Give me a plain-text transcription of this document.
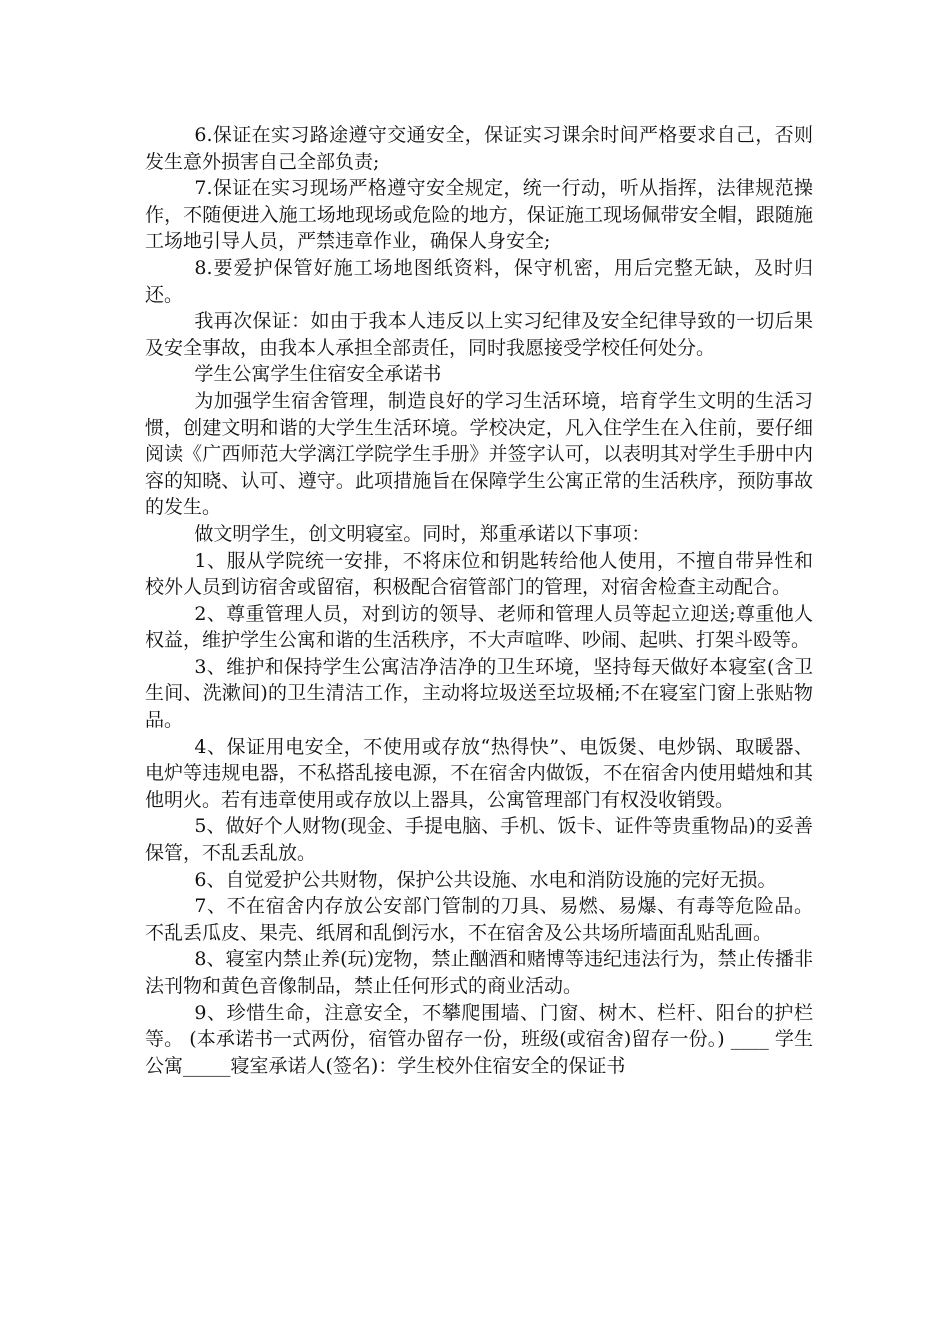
6.保证在实习路途遵守交通安全，保证实习课余时间严格要求自己，否则发生意外损害自己全部负责;

7.保证在实习现场严格遵守安全规定，统一行动，听从指挥，法律规范操作，不随便进入施工场地现场或危险的地方，保证施工现场佩带安全帽，跟随施工场地引导人员，严禁违章作业，确保人身安全;

8.要爱护保管好施工场地图纸资料，保守机密，用后完整无缺，及时归还。

我再次保证：如由于我本人违反以上实习纪律及安全纪律导致的一切后果及安全事故，由我本人承担全部责任，同时我愿接受学校任何处分。

学生公寓学生住宿安全承诺书

为加强学生宿舍管理，制造良好的学习生活环境，培育学生文明的生活习惯，创建文明和谐的大学生生活环境。学校决定，凡入住学生在入住前，要仔细阅读《广西师范大学漓江学院学生手册》并签字认可，以表明其对学生手册中内容的知晓、认可、遵守。此项措施旨在保障学生公寓正常的生活秩序，预防事故的发生。

做文明学生，创文明寝室。同时，郑重承诺以下事项：

1、服从学院统一安排，不将床位和钥匙转给他人使用，不擅自带异性和校外人员到访宿舍或留宿，积极配合宿管部门的管理，对宿舍检查主动配合。

2、尊重管理人员，对到访的领导、老师和管理人员等起立迎送;尊重他人权益，维护学生公寓和谐的生活秩序，不大声喧哗、吵闹、起哄、打架斗殴等。

3、维护和保持学生公寓洁净洁净的卫生环境，坚持每天做好本寝室(含卫生间、洗漱间)的卫生清洁工作，主动将垃圾送至垃圾桶;不在寝室门窗上张贴物品。

4、保证用电安全，不使用或存放“热得快”、电饭煲、电炒锅、取暖器、电炉等违规电器，不私搭乱接电源，不在宿舍内做饭，不在宿舍内使用蜡烛和其他明火。若有违章使用或存放以上器具，公寓管理部门有权没收销毁。

5、做好个人财物(现金、手提电脑、手机、饭卡、证件等贵重物品)的妥善保管，不乱丢乱放。

6、自觉爱护公共财物，保护公共设施、水电和消防设施的完好无损。

7、不在宿舍内存放公安部门管制的刀具、易燃、易爆、有毒等危险品。不乱丢瓜皮、果壳、纸屑和乱倒污水，不在宿舍及公共场所墙面乱贴乱画。

8、寝室内禁止养(玩)宠物，禁止酗酒和赌博等违纪违法行为，禁止传播非法刊物和黄色音像制品，禁止任何形式的商业活动。

9、珍惜生命，注意安全，不攀爬围墙、门窗、树木、栏杆、阳台的护栏等。 (本承诺书一式两份，宿管办留存一份，班级(或宿舍)留存一份。) ____ 学生公寓_____寝室承诺人(签名)：学生校外住宿安全的保证书
